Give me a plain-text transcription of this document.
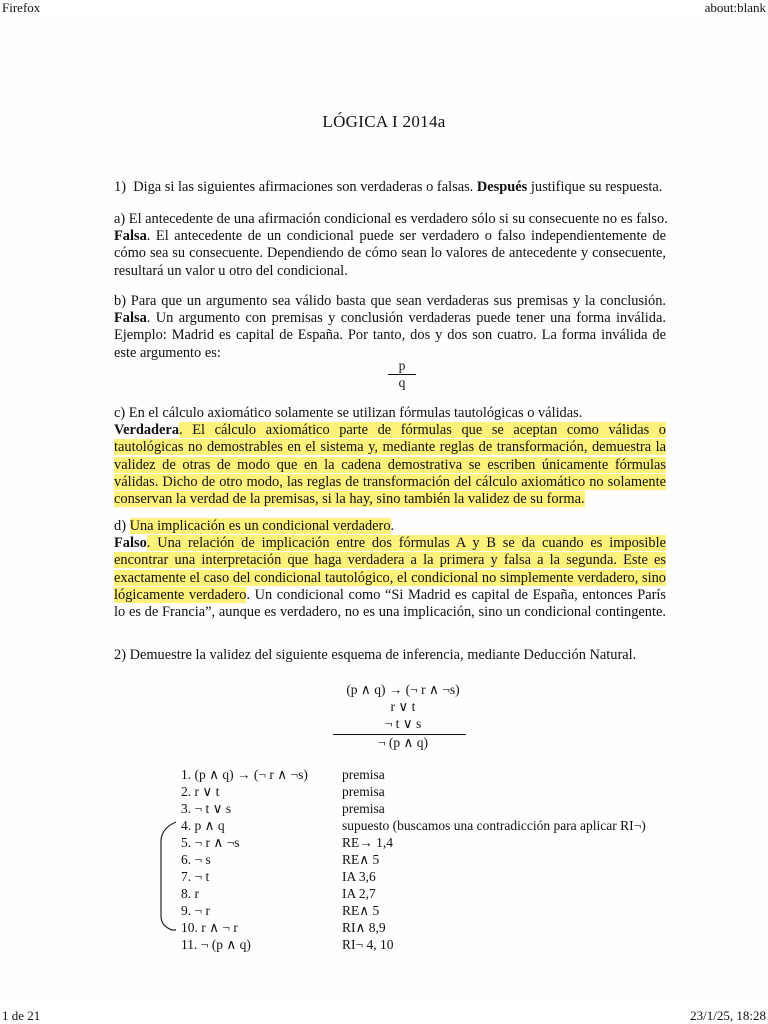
Firefox	about:blank
LÓGICA I 2014a
1) Diga si las siguientes afirmaciones son verdaderas o falsas. Después justifique su respuesta.
a) El antecedente de una afirmación condicional es verdadero sólo si su consecuente no es falso.
Falsa. El antecedente de un condicional puede ser verdadero o falso independientemente de
cómo sea su consecuente. Dependiendo de cómo sean lo valores de antecedente y consecuente,
resultará un valor u otro del condicional.
b) Para que un argumento sea válido basta que sean verdaderas sus premisas y la conclusión.
Falsa. Un argumento con premisas y conclusión verdaderas puede tener una forma inválida.
Ejemplo: Madrid es capital de España. Por tanto, dos y dos son cuatro. La forma inválida de
este argumento es:
p
q
c) En el cálculo axiomático solamente se utilizan fórmulas tautológicas o válidas.
Verdadera. El cálculo axiomático parte de fórmulas que se aceptan como válidas o
tautológicas no demostrables en el sistema y, mediante reglas de transformación, demuestra la
validez de otras de modo que en la cadena demostrativa se escriben únicamente fórmulas
válidas. Dicho de otro modo, las reglas de transformación del cálculo axiomático no solamente
conservan la verdad de la premisas, si la hay, sino también la validez de su forma.
d) Una implicación es un condicional verdadero.
Falso. Una relación de implicación entre dos fórmulas A y B se da cuando es imposible
encontrar una interpretación que haga verdadera a la primera y falsa a la segunda. Este es
exactamente el caso del condicional tautológico, el condicional no simplemente verdadero, sino
lógicamente verdadero. Un condicional como “Si Madrid es capital de España, entonces París
lo es de Francia”, aunque es verdadero, no es una implicación, sino un condicional contingente.
2) Demuestre la validez del siguiente esquema de inferencia, mediante Deducción Natural.
(p ∧ q) → (¬ r ∧ ¬s)
r ∨ t
¬ t ∨ s
¬ (p ∧ q)
1. (p ∧ q) → (¬ r ∧ ¬s)	premisa
2. r ∨ t	premisa
3. ¬ t ∨ s	premisa
4. p ∧ q	supuesto (buscamos una contradicción para aplicar RI¬)
5. ¬ r ∧ ¬s	RE→ 1,4
6. ¬ s	RE∧ 5
7. ¬ t	IA 3,6
8. r	IA 2,7
9. ¬ r	RE∧ 5
10. r ∧ ¬ r	RI∧ 8,9
11. ¬ (p ∧ q)	RI¬ 4, 10
1 de 21	23/1/25, 18:28
